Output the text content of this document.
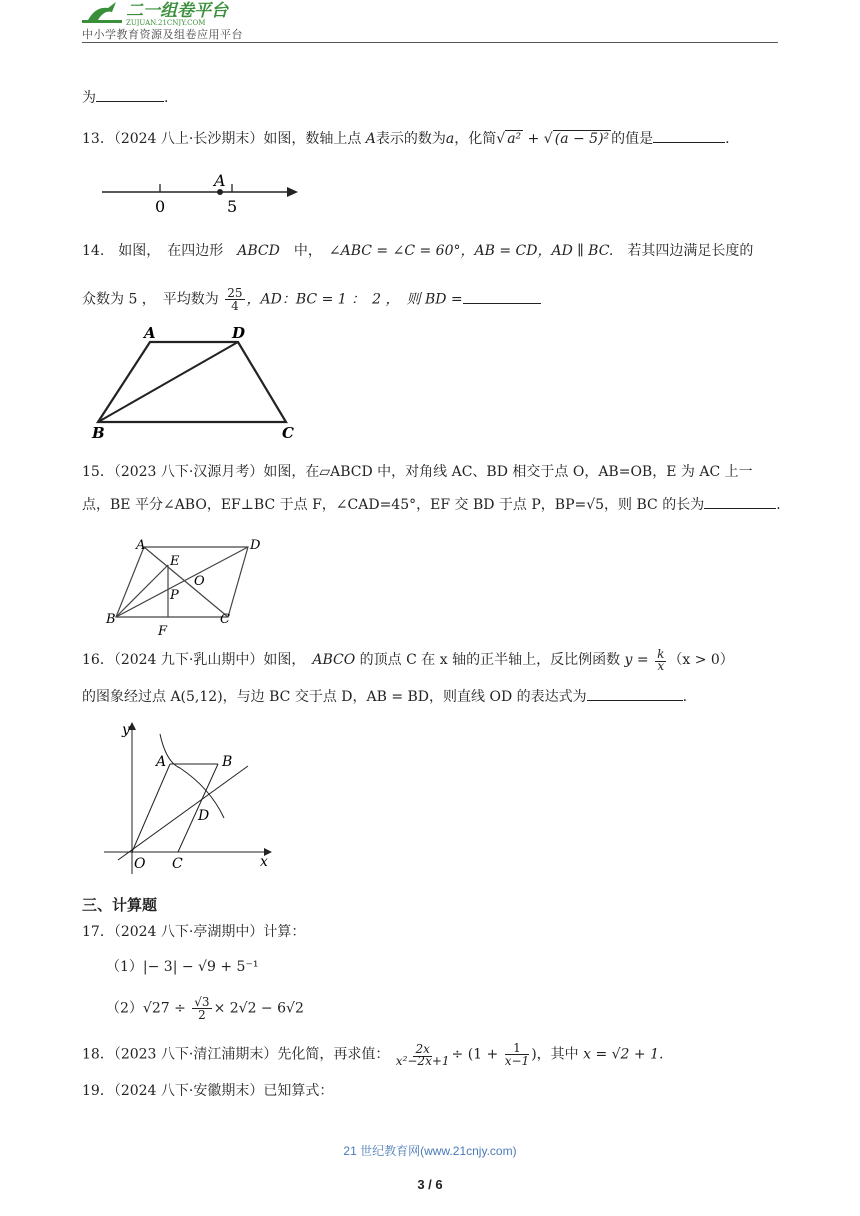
二一组卷平台
ZUJUAN.21CNJY.COM
中小学教育资源及组卷应用平台
为	.
13．（2024 八上·长沙期末）如图，数轴上点 A表示的数为a，化简√ a² + √ (a − 5)² 的值是	.
0	5
A
14.　如图，　在四边形　 ABCD　 中，　 ∠ABC = ∠C = 60°，AB = CD，AD ∥ BC.　若其四边满足长度的
众数为 5 ，　平均数为 $\frac{25}{4}$ ，AD：BC = 1 ：　2 ，　则 BD =
A	D
B	C
15．（2023 八下·汉源月考）如图，在▱ABCD 中，对角线 AC、BD 相交于点 O，AB=OB，E 为 AC 上一
点，BE 平分∠ABO，EF⊥BC 于点 F，∠CAD=45°，EF 交 BD 于点 P，BP=√5，则 BC 的长为	.
A
E
D
O
P
B	C
F
16．（2024 九下·乳山期中）如图，　 ABCO 的顶点 C 在 x 轴的正半轴上，反比例函数 $y = \frac{k}{x} (x > 0)$
的图象经过点 A(5,12)，与边 BC 交于点 D，AB = BD，则直线 OD 的表达式为	.
y
A	B
D
O C	x
三、计算题
17．（2024 八下·亭湖期中）计算：
（1）|− 3| − √9 + 5⁻¹
$(2)√27 \div \frac{√3}{2} \times 2√2 - 6√2$
18．（2023 八下·清江浦期末）先化简，再求值： $\frac{2x}{\text{x²−2x+1}} \div (1 + \frac{1}{x-1}$ )，其中 x = √2 + 1.
19．（2024 八下·安徽期末）已知算式：
21 世纪教育网(www.21cnjy.com)
3 / 6
